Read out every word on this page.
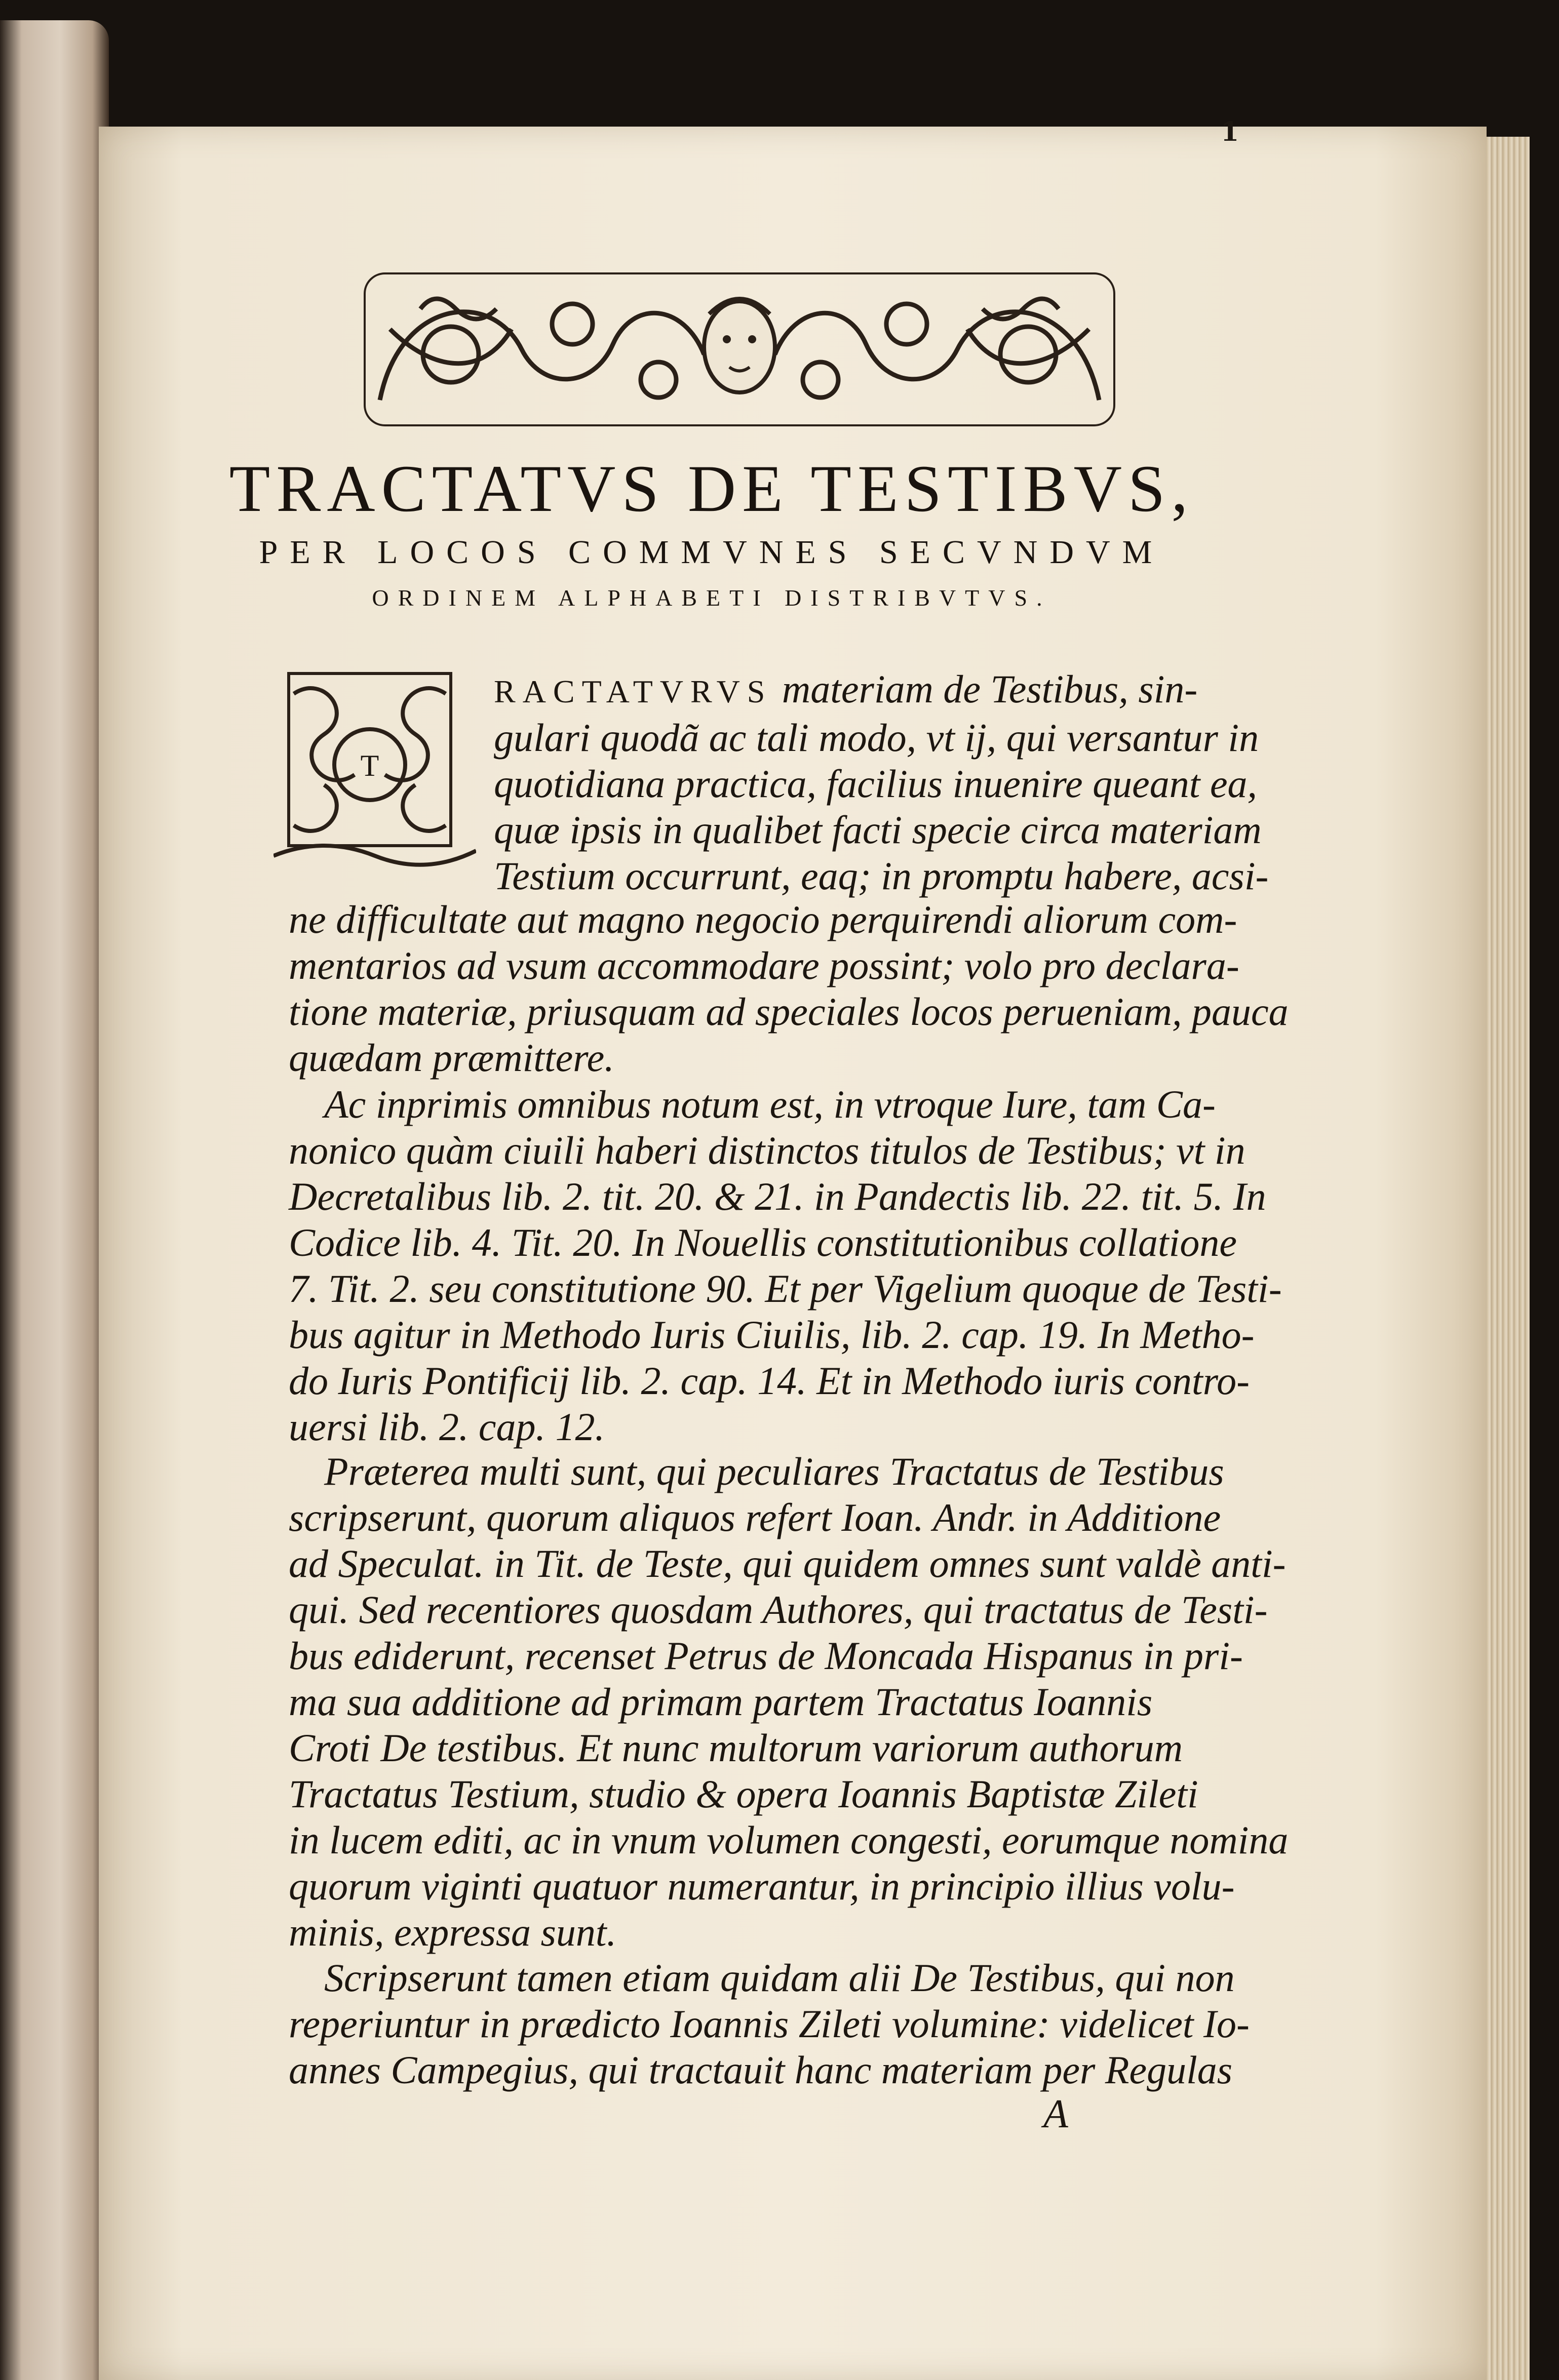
1
TRACTATVS DE TESTIBVS,
PER LOCOS COMMVNES SECVNDVM
ORDINEM ALPHABETI DISTRIBVTVS.
T
RACTATVRVS materiam de Testibus, sin-
gulari quodã ac tali modo, vt ij, qui versantur in
quotidiana practica, facilius inuenire queant ea,
quæ ipsis in qualibet facti specie circa materiam
Testium occurrunt, eaq; in promptu habere, acsi-
ne difficultate aut magno negocio perquirendi aliorum com-
mentarios ad vsum accommodare possint; volo pro declara-
tione materiæ, priusquam ad speciales locos perueniam, pauca
quædam præmittere.
Ac inprimis omnibus notum est, in vtroque Iure, tam Ca-
nonico quàm ciuili haberi distinctos titulos de Testibus; vt in
Decretalibus lib. 2. tit. 20. & 21. in Pandectis lib. 22. tit. 5. In
Codice lib. 4. Tit. 20. In Nouellis constitutionibus collatione
7. Tit. 2. seu constitutione 90. Et per Vigelium quoque de Testi-
bus agitur in Methodo Iuris Ciuilis, lib. 2. cap. 19. In Metho-
do Iuris Pontificij lib. 2. cap. 14. Et in Methodo iuris contro-
uersi lib. 2. cap. 12.
Præterea multi sunt, qui peculiares Tractatus de Testibus
scripserunt, quorum aliquos refert Ioan. Andr. in Additione
ad Speculat. in Tit. de Teste, qui quidem omnes sunt valdè anti-
qui. Sed recentiores quosdam Authores, qui tractatus de Testi-
bus ediderunt, recenset Petrus de Moncada Hispanus in pri-
ma sua additione ad primam partem Tractatus Ioannis
Croti De testibus. Et nunc multorum variorum authorum
Tractatus Testium, studio & opera Ioannis Baptistæ Zileti
in lucem editi, ac in vnum volumen congesti, eorumque nomina
quorum viginti quatuor numerantur, in principio illius volu-
minis, expressa sunt.
Scripserunt tamen etiam quidam alii De Testibus, qui non
reperiuntur in prædicto Ioannis Zileti volumine: videlicet Io-
annes Campegius, qui tractauit hanc materiam per Regulas
A
